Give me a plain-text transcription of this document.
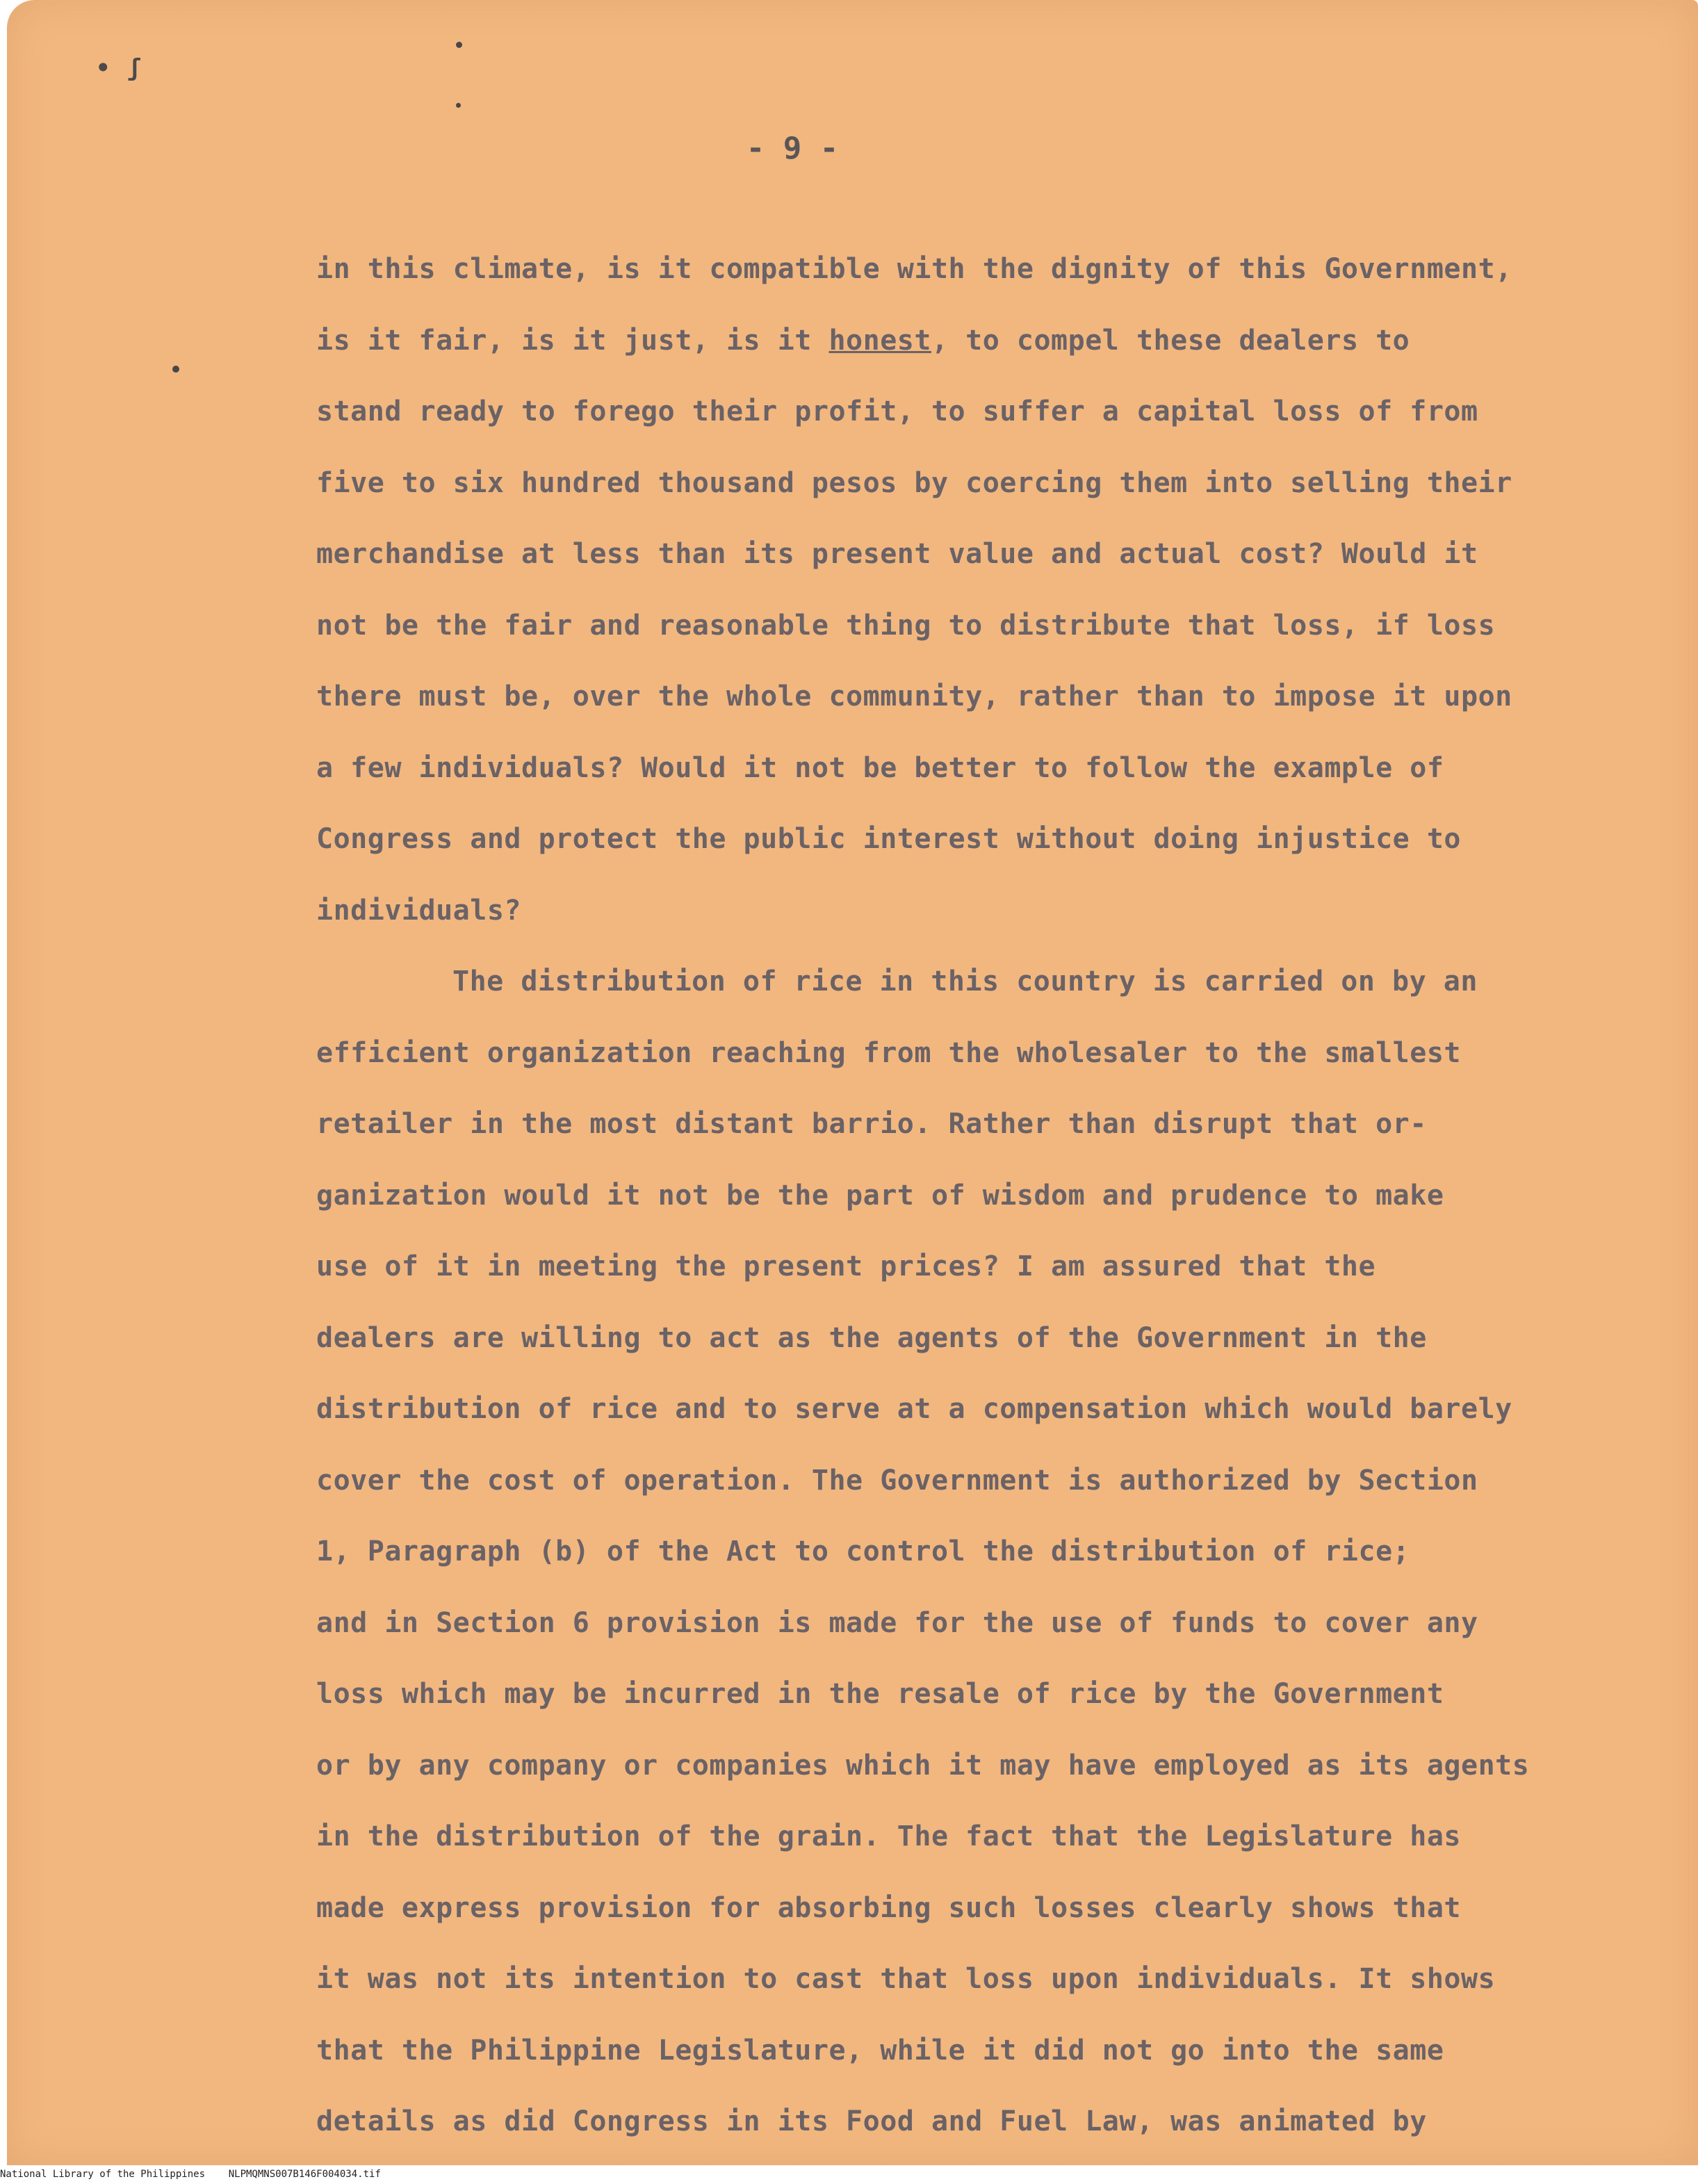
• ʃ
- 9 -
in this climate, is it compatible with the dignity of this Government,
is it fair, is it just, is it honest, to compel these dealers to
stand ready to forego their profit, to suffer a capital loss of from
five to six hundred thousand pesos by coercing them into selling their
merchandise at less than its present value and actual cost? Would it
not be the fair and reasonable thing to distribute that loss, if loss
there must be, over the whole community, rather than to impose it upon
a few individuals? Would it not be better to follow the example of
Congress and protect the public interest without doing injustice to
individuals?
The distribution of rice in this country is carried on by an
efficient organization reaching from the wholesaler to the smallest
retailer in the most distant barrio. Rather than disrupt that or-
ganization would it not be the part of wisdom and prudence to make
use of it in meeting the present prices? I am assured that the
dealers are willing to act as the agents of the Government in the
distribution of rice and to serve at a compensation which would barely
cover the cost of operation. The Government is authorized by Section
1, Paragraph (b) of the Act to control the distribution of rice;
and in Section 6 provision is made for the use of funds to cover any
loss which may be incurred in the resale of rice by the Government
or by any company or companies which it may have employed as its agents
in the distribution of the grain. The fact that the Legislature has
made express provision for absorbing such losses clearly shows that
it was not its intention to cast that loss upon individuals. It shows
that the Philippine Legislature, while it did not go into the same
details as did Congress in its Food and Fuel Law, was animated by
National Library of the Philippines    NLPMQMNS007B146F004034.tif
